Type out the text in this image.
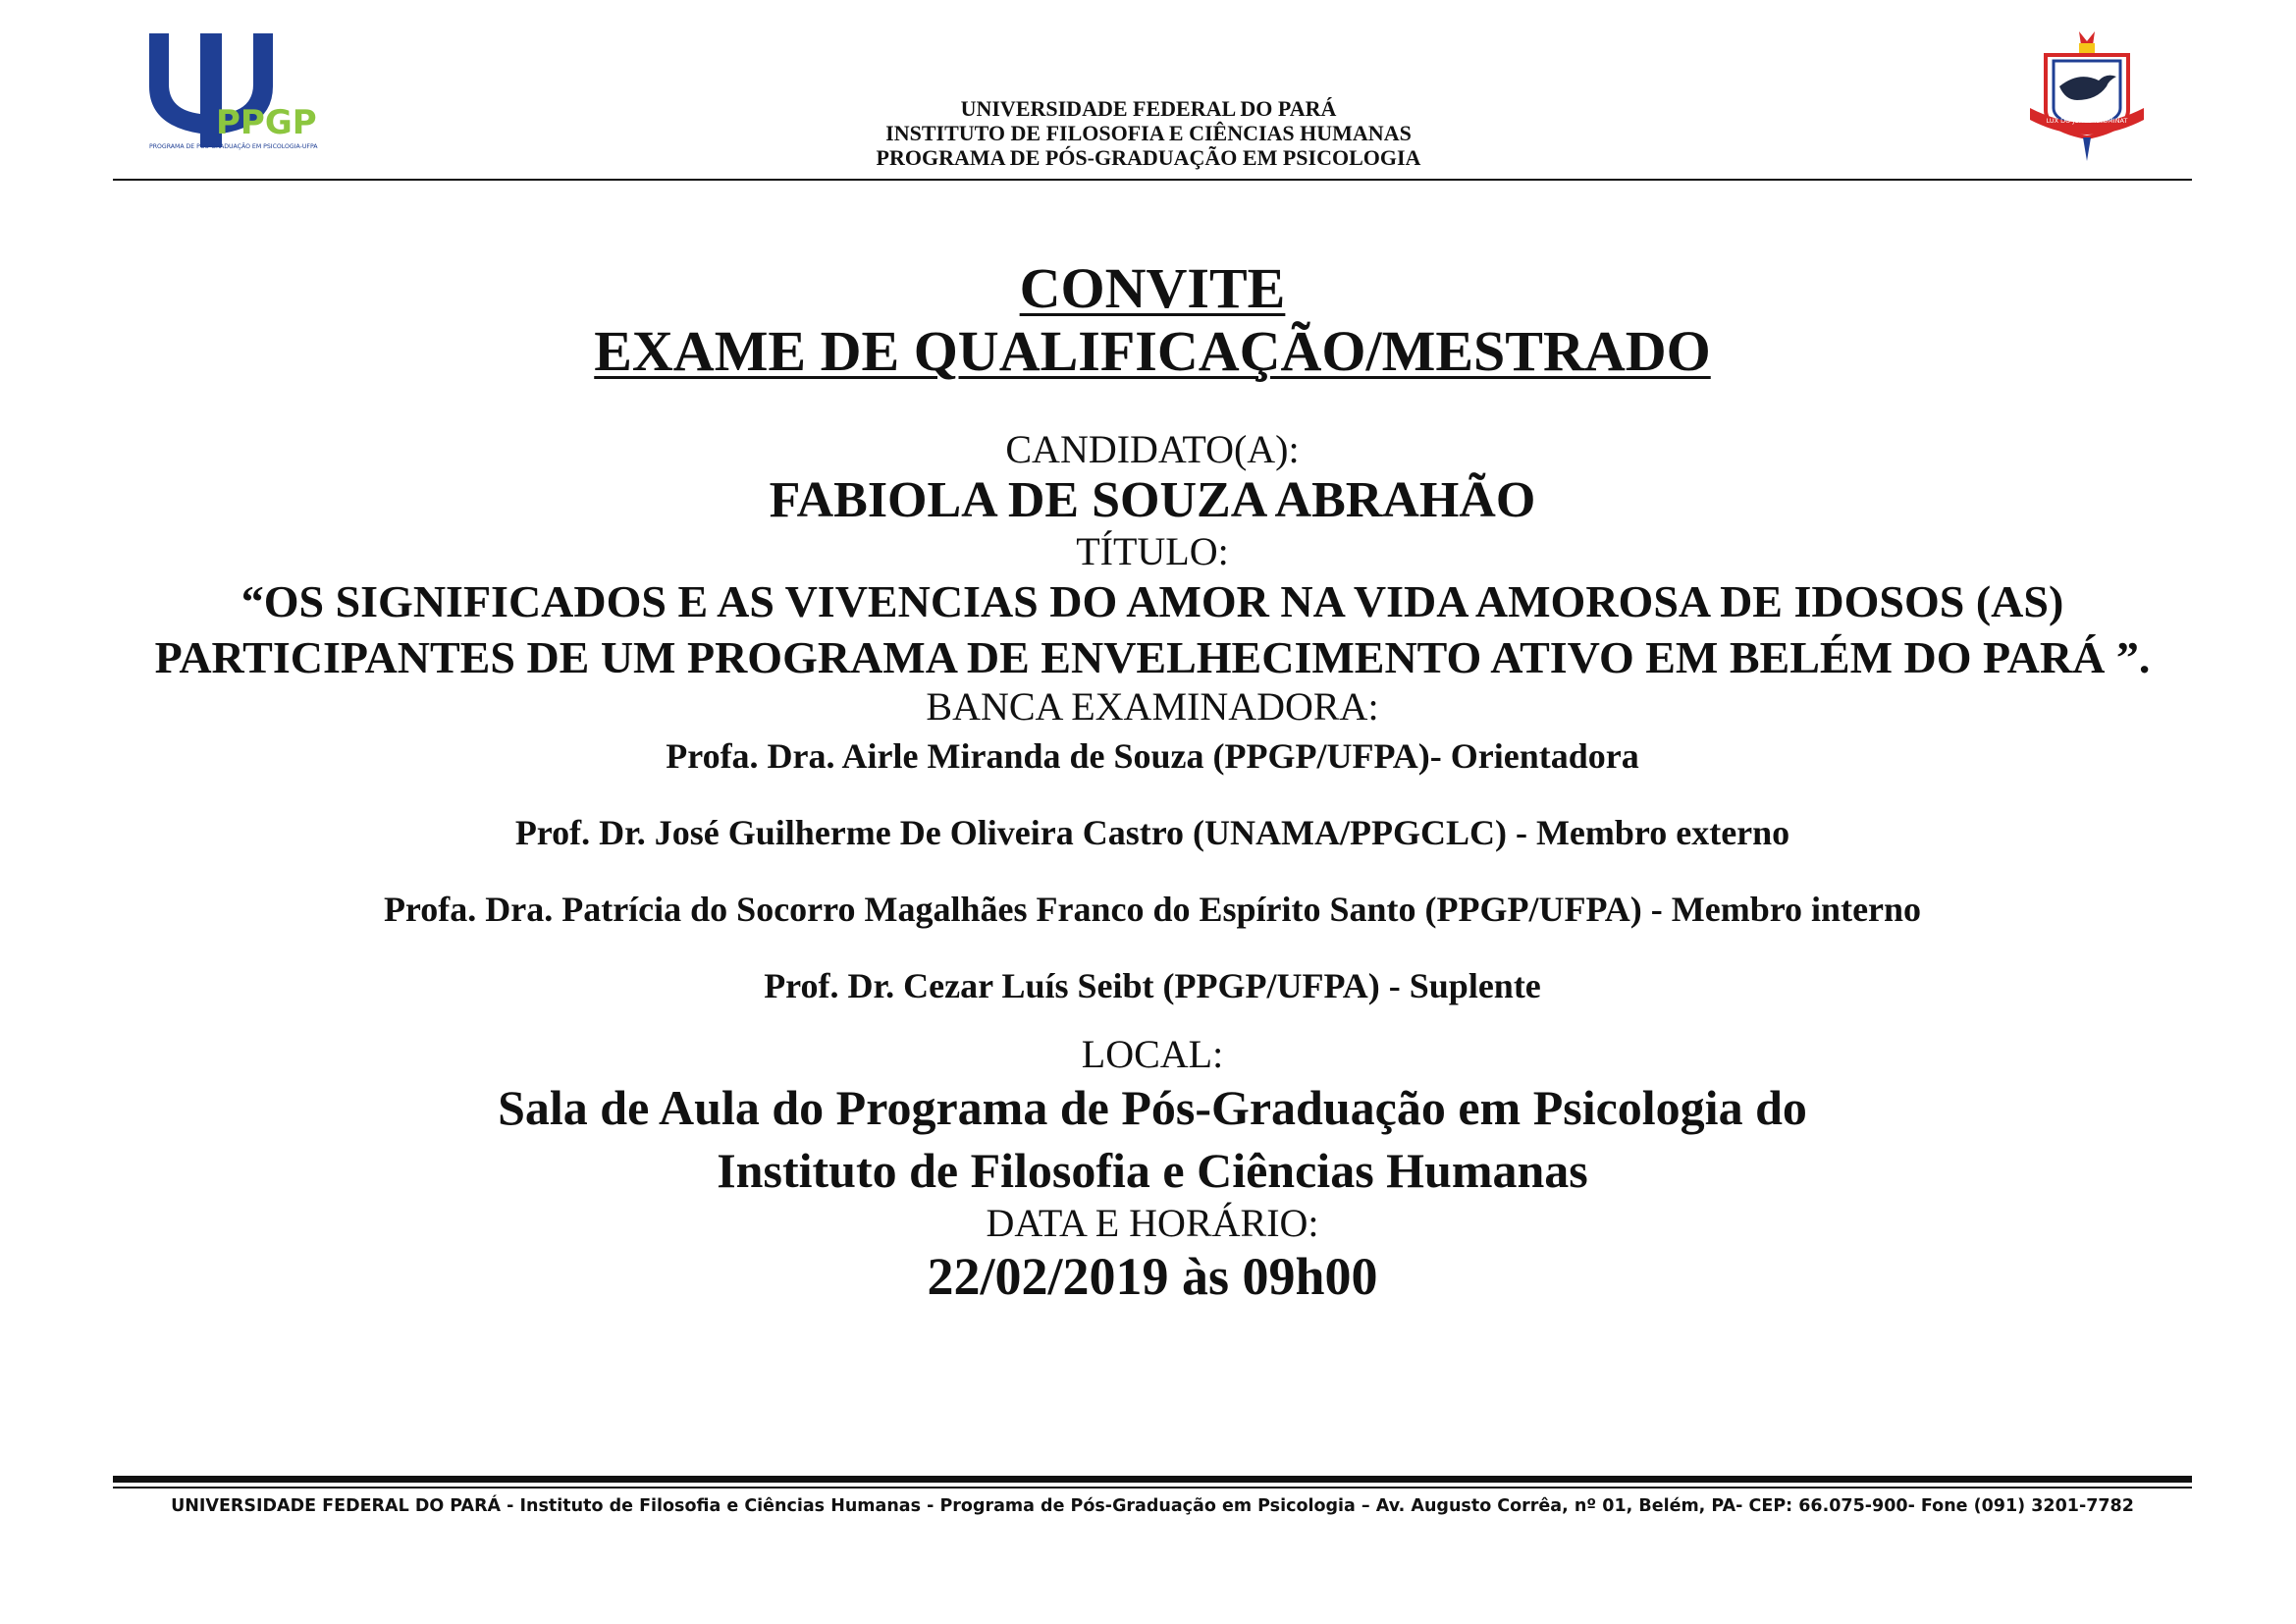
PPGP
PROGRAMA DE PÓS-GRADUAÇÃO EM PSICOLOGIA-UFPA
UNIVERSIDADE FEDERAL DO PARÁ
INSTITUTO DE FILOSOFIA E CIÊNCIAS HUMANAS
PROGRAMA DE PÓS-GRADUAÇÃO EM PSICOLOGIA
LUX DO JUXTO ILLUMINAT
CONVITE
EXAME DE QUALIFICAÇÃO/MESTRADO
CANDIDATO(A):
FABIOLA DE SOUZA ABRAHÃO
TÍTULO:
“OS SIGNIFICADOS E AS VIVENCIAS DO AMOR NA VIDA AMOROSA DE IDOSOS (AS) PARTICIPANTES DE UM PROGRAMA DE ENVELHECIMENTO ATIVO EM BELÉM DO PARÁ ”.
BANCA EXAMINADORA:
Profa. Dra. Airle Miranda de Souza (PPGP/UFPA)- Orientadora
Prof. Dr. José Guilherme De Oliveira Castro (UNAMA/PPGCLC) - Membro externo
Profa. Dra. Patrícia do Socorro Magalhães Franco do Espírito Santo (PPGP/UFPA) - Membro interno
Prof. Dr. Cezar Luís Seibt (PPGP/UFPA) - Suplente
LOCAL:
Sala de Aula do Programa de Pós-Graduação em Psicologia do
Instituto de Filosofia e Ciências Humanas
DATA E HORÁRIO:
22/02/2019 às 09h00
UNIVERSIDADE FEDERAL DO PARÁ - Instituto de Filosofia e Ciências Humanas - Programa de Pós-Graduação em Psicologia – Av. Augusto Corrêa, nº 01, Belém, PA- CEP: 66.075-900- Fone (091) 3201-7782
